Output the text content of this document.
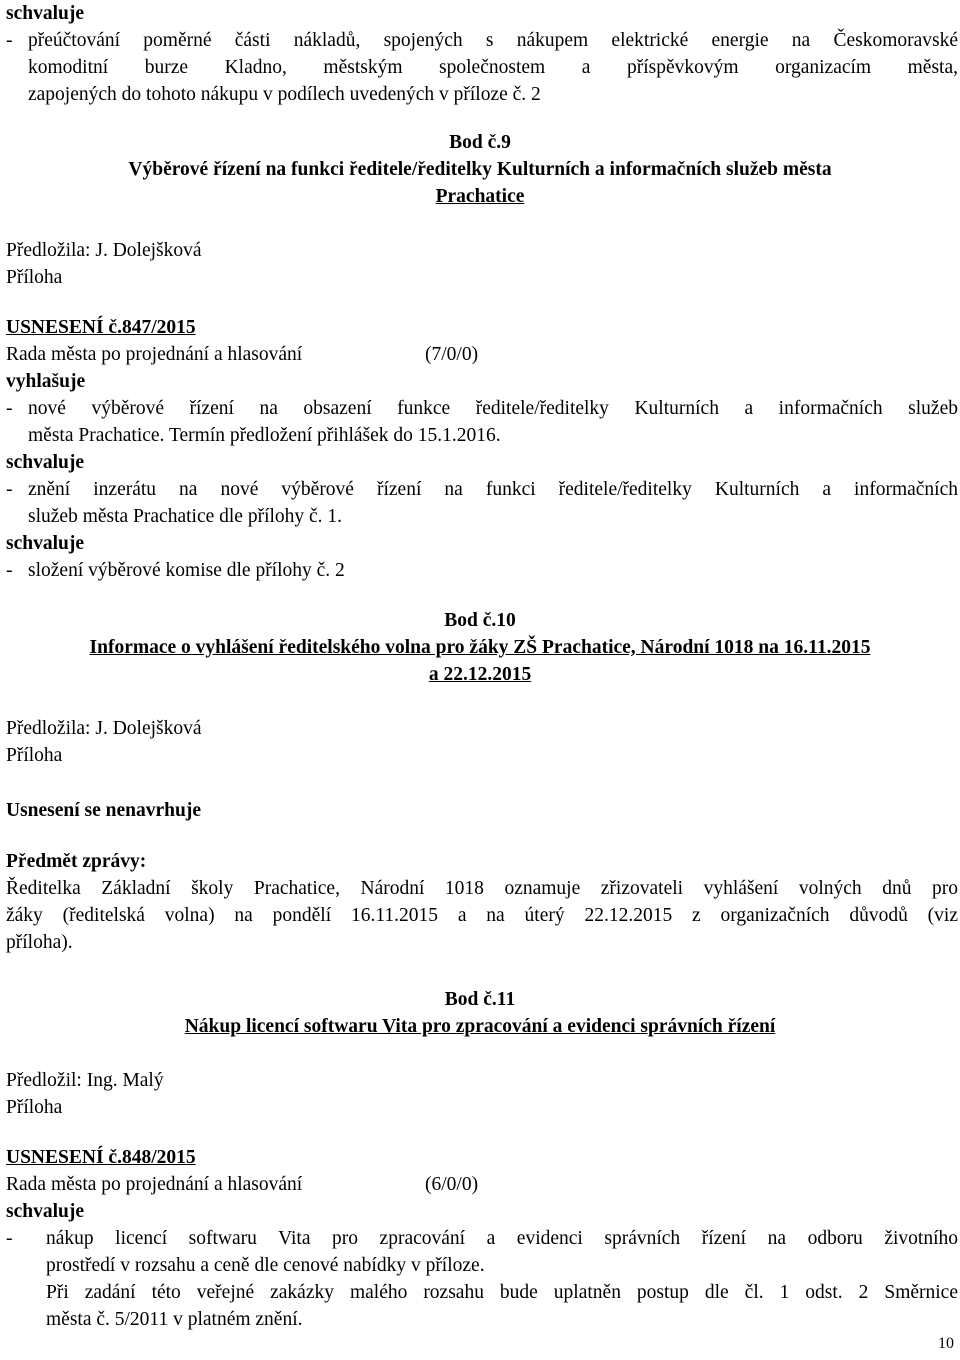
schvaluje

- přeúčtování poměrné části nákladů, spojených s nákupem elektrické energie na Českomoravské
komoditní burze Kladno, městským společnostem a příspěvkovým organizacím města,
zapojených do tohoto nákupu v podílech uvedených v příloze č. 2

Bod č.9

Výběrové řízení na funkci ředitele/ředitelky Kulturních a informačních služeb města

Prachatice

Předložila: J. Dolejšková

Příloha

USNESENÍ č.847/2015

Rada města po projednání a hlasování	(7/0/0)

vyhlašuje

- nové výběrové řízení na obsazení funkce ředitele/ředitelky Kulturních a informačních služeb
města Prachatice. Termín předložení přihlášek do 15.1.2016.

schvaluje

- znění inzerátu na nové výběrové řízení na funkci ředitele/ředitelky Kulturních a informačních
služeb města Prachatice dle přílohy č. 1.

schvaluje

- složení výběrové komise dle přílohy č. 2

Bod č.10

Informace o vyhlášení ředitelského volna pro žáky ZŠ Prachatice, Národní 1018 na 16.11.2015

a 22.12.2015

Předložila: J. Dolejšková

Příloha

Usnesení se nenavrhuje

Předmět zprávy:

Ředitelka Základní školy Prachatice, Národní 1018 oznamuje zřizovateli vyhlášení volných dnů pro
žáky (ředitelská volna) na pondělí 16.11.2015 a na úterý 22.12.2015 z organizačních důvodů (viz
příloha).

Bod č.11

Nákup licencí softwaru Vita pro zpracování a evidenci správních řízení

Předložil: Ing. Malý

Příloha

USNESENÍ č.848/2015

Rada města po projednání a hlasování	(6/0/0)

schvaluje

- nákup licencí softwaru Vita pro zpracování a evidenci správních řízení na odboru životního
prostředí v rozsahu a ceně dle cenové nabídky v příloze.
Při zadání této veřejné zakázky malého rozsahu bude uplatněn postup dle čl. 1 odst. 2 Směrnice
města č. 5/2011 v platném znění.
10
